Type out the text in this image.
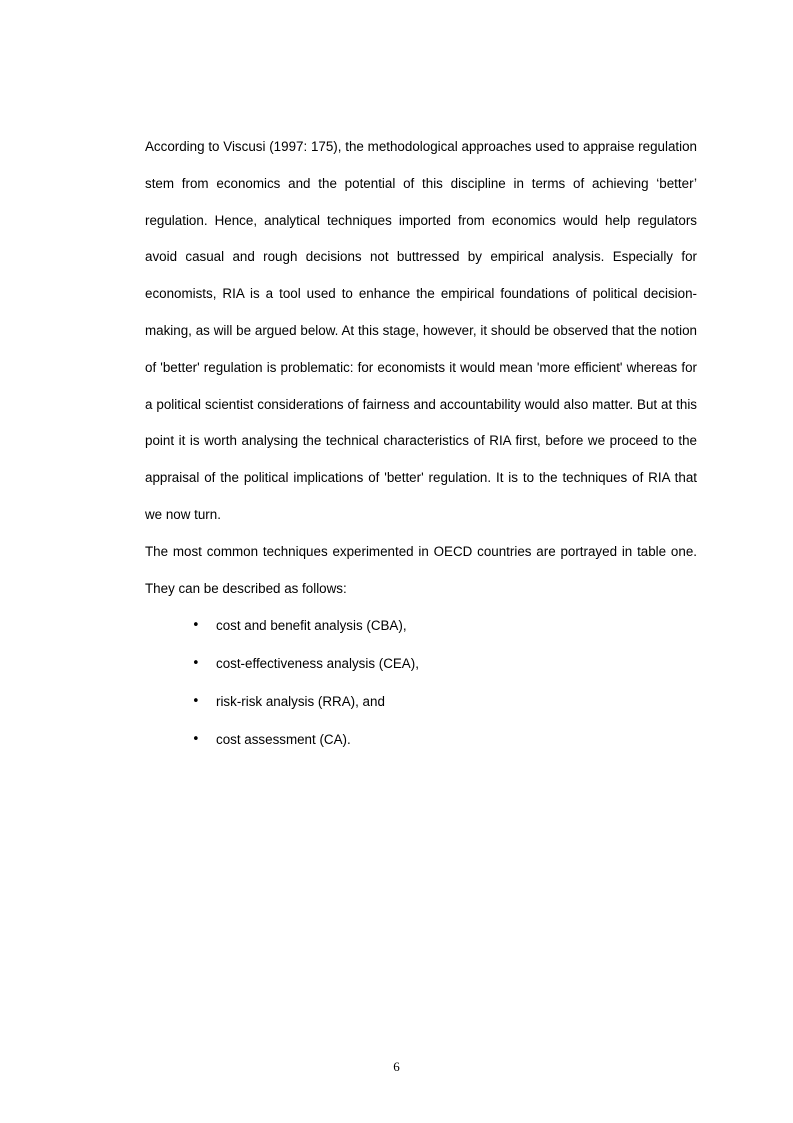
According to Viscusi (1997: 175), the methodological approaches used to appraise regulation stem from economics and the potential of this discipline in terms of achieving ‘better’ regulation. Hence, analytical techniques imported from economics would help regulators avoid casual and rough decisions not buttressed by empirical analysis. Especially for economists, RIA is a tool used to enhance the empirical foundations of political decision-making, as will be argued below. At this stage, however, it should be observed that the notion of 'better' regulation is problematic: for economists it would mean 'more efficient' whereas for a political scientist considerations of fairness and accountability would also matter. But at this point it is worth analysing the technical characteristics of RIA first, before we proceed to the appraisal of the political implications of 'better' regulation. It is to the techniques of RIA that we now turn.

The most common techniques experimented in OECD countries are portrayed in table one. They can be described as follows:

• cost and benefit analysis (CBA),
• cost-effectiveness analysis (CEA),
• risk-risk analysis (RRA), and
• cost assessment (CA).
6
